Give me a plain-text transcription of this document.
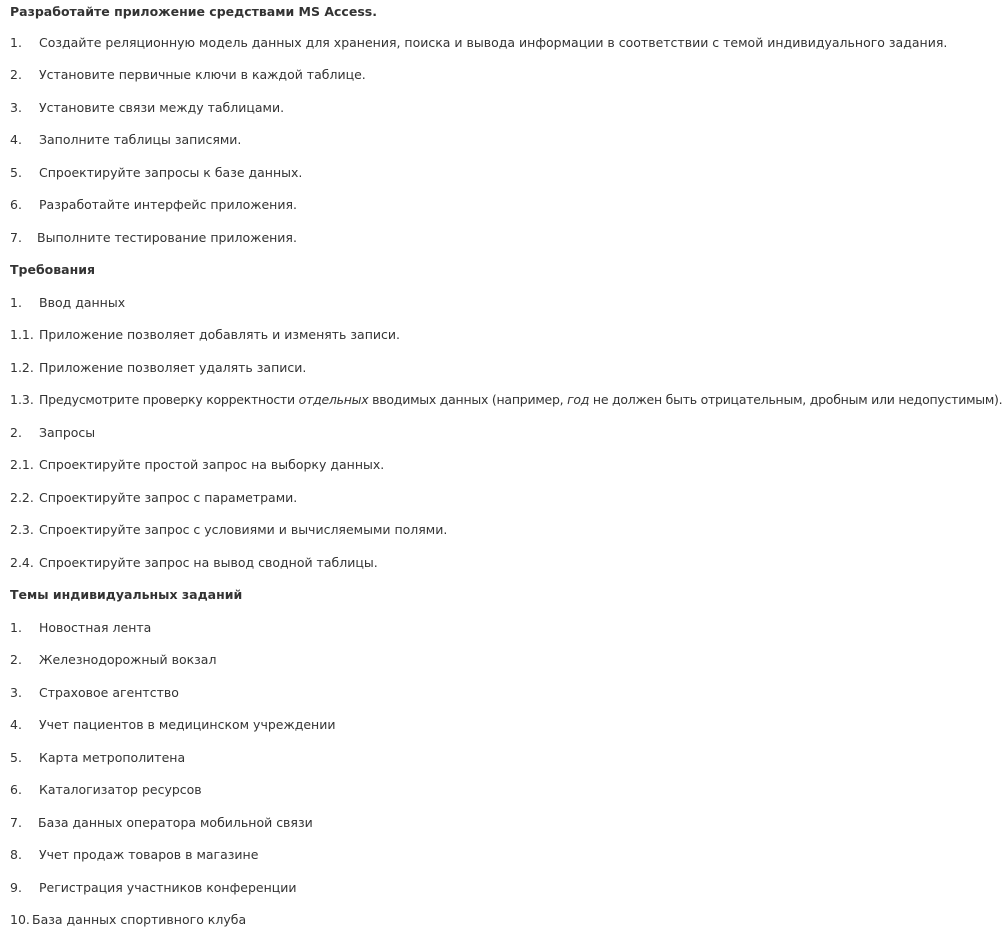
Разработайте приложение средствами MS Access.
1. Создайте реляционную модель данных для хранения, поиска и вывода информации в соответствии с темой индивидуального задания.
2. Установите первичные ключи в каждой таблице.
3. Установите связи между таблицами.
4. Заполните таблицы записями.
5. Спроектируйте запросы к базе данных.
6. Разработайте интерфейс приложения.
7. Выполните тестирование приложения.
Требования
1. Ввод данных
1.1. Приложение позволяет добавлять и изменять записи.
1.2. Приложение позволяет удалять записи.
1.3. Предусмотрите проверку корректности отдельных вводимых данных (например, год не должен быть отрицательным, дробным или недопустимым).
2. Запросы
2.1. Спроектируйте простой запрос на выборку данных.
2.2. Спроектируйте запрос с параметрами.
2.3. Спроектируйте запрос с условиями и вычисляемыми полями.
2.4. Спроектируйте запрос на вывод сводной таблицы.
Темы индивидуальных заданий
1. Новостная лента
2. Железнодорожный вокзал
3. Страховое агентство
4. Учет пациентов в медицинском учреждении
5. Карта метрополитена
6. Каталогизатор ресурсов
7. База данных оператора мобильной связи
8. Учет продаж товаров в магазине
9. Регистрация участников конференции
10. База данных спортивного клуба
